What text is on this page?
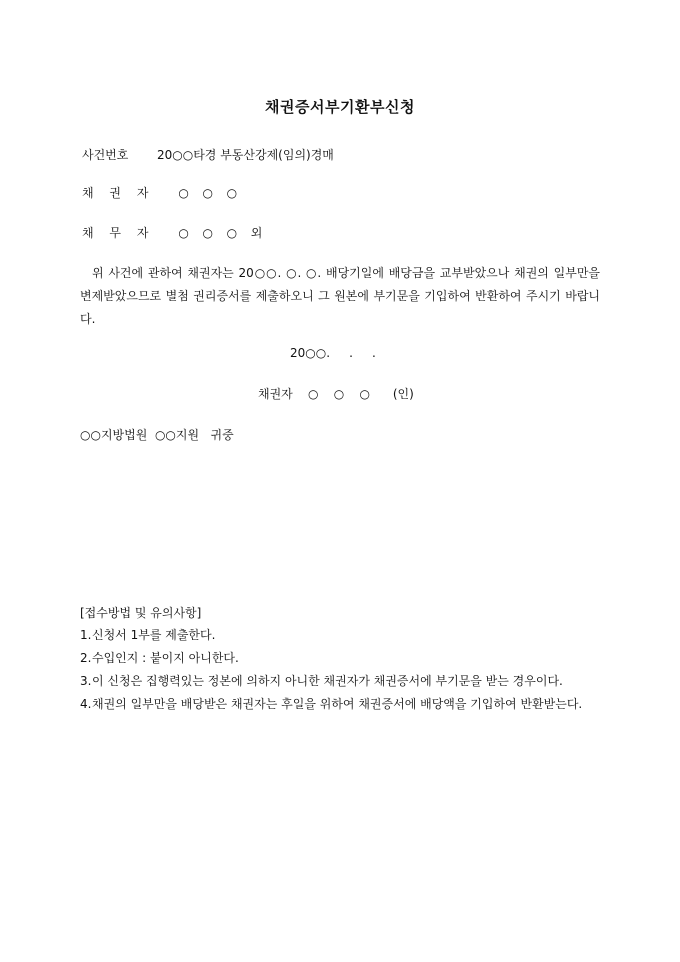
채권증서부기환부신청
사건번호 20○○타경 부동산강제(임의)경매
채 권 자 ○  ○  ○
채 무 자 ○  ○  ○  외
위 사건에 관하여 채권자는 20○○. ○. ○. 배당기일에 배당금을 교부받았으나 채권의 일부만을 변제받았으므로 별첨 권리증서를 제출하오니 그 원본에 부기문을 기입하여 반환하여 주시기 바랍니다.
20○○.     .     .
채권자    ○    ○    ○      (인)
○○지방법원  ○○지원   귀중
[접수방법 및 유의사항]
1. 신청서 1부를 제출한다.
2. 수입인지 : 붙이지 아니한다.
3. 이 신청은 집행력있는 정본에 의하지 아니한 채권자가 채권증서에 부기문을 받는 경우이다.
4. 채권의 일부만을 배당받은 채권자는 후일을 위하여 채권증서에 배당액을 기입하여 반환받는다.
